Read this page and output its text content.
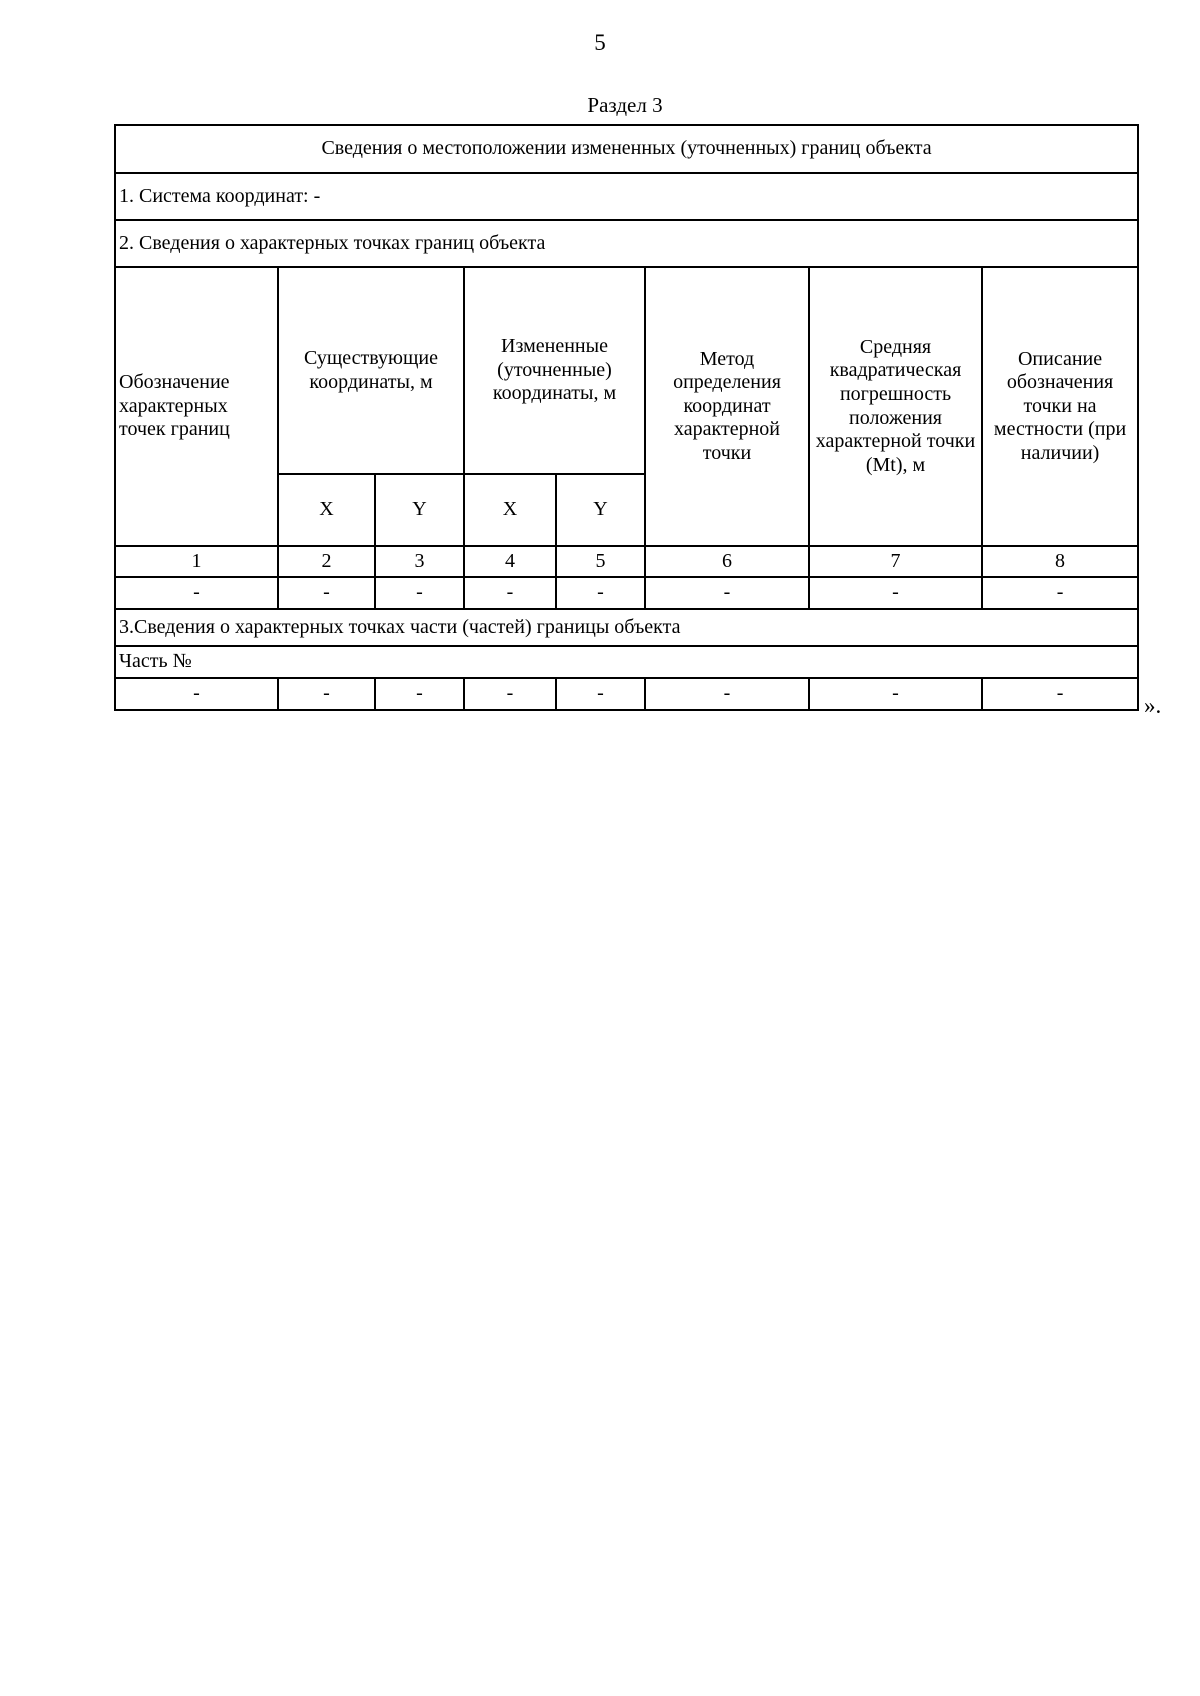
5
Раздел 3
Сведения о местоположении измененных (уточненных) границ объекта							
1. Система координат: -							
2. Сведения о характерных точках границ объекта							
Обозначение характерных точек границ	Существующие координаты, м		Измененные (уточненные) координаты, м		Метод определения координат характерной точки	Средняя квадратическая погрешность положения характерной точки (Mt), м	Описание обозначения точки на местности (при наличии)
	X	Y	X	Y			
1	2	3	4	5	6	7	8
-	-	-	-	-	-	-	-
3.Сведения о характерных точках части (частей) границы объекта							
Часть №							
-	-	-	-	-	-	-	-	».
